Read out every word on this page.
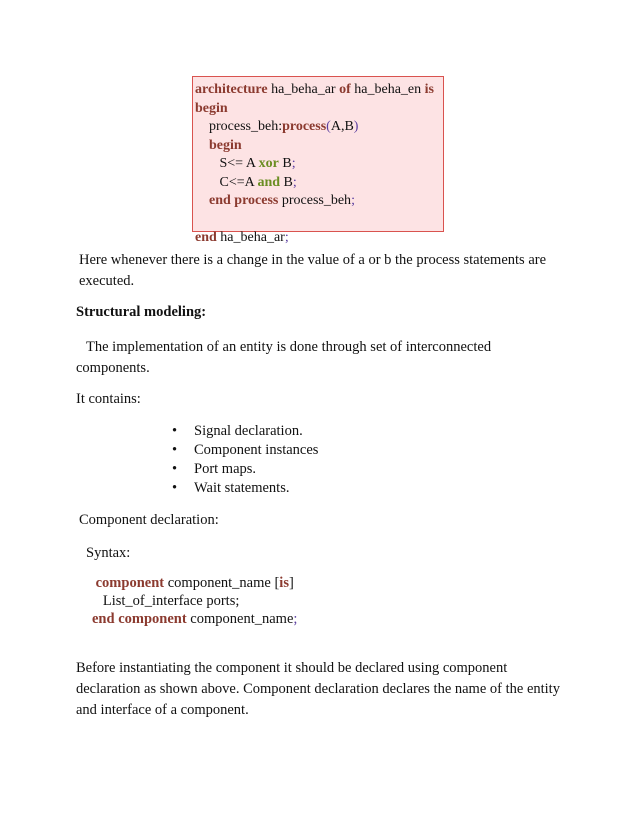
architecture ha_beha_ar of ha_beha_en is
begin
process_beh:process(A,B)
begin
S<= A xor B;
C<=A and B;
end process process_beh;

end ha_beha_ar;

Here whenever there is a change in the value of a or b the process statements are executed.

Structural modeling:

The implementation of an entity is done through set of interconnected components.

It contains:

• Signal declaration.
• Component instances
• Port maps.
• Wait statements.

Component declaration:

Syntax:

component component_name [is]
List_of_interface ports;
end component component_name;

Before instantiating the component it should be declared using component declaration as shown above. Component declaration declares the name of the entity and interface of a component.
